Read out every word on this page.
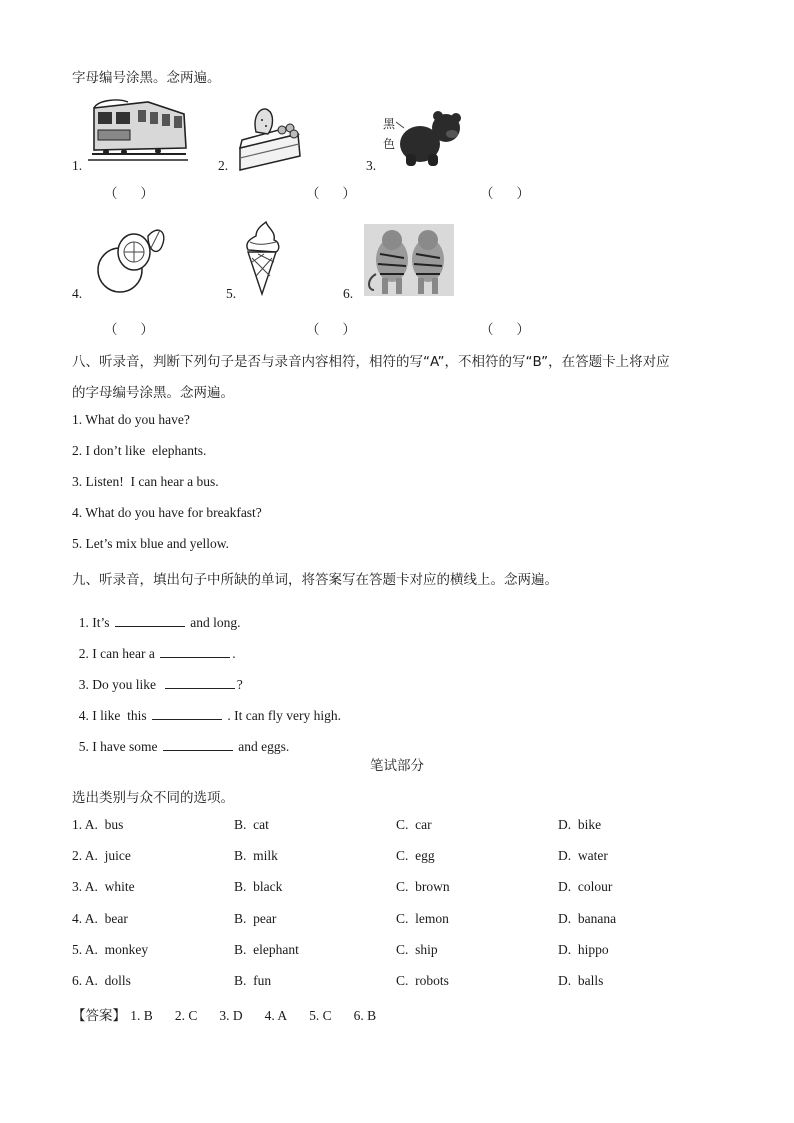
字母编号涂黑。念两遍。
1.
（　 ）
2.
（　 ）
3.
黑色
（　 ）
4.
（　 ）
5.
（　 ）
6.
（　 ）
八、听录音，判断下列句子是否与录音内容相符，相符的写“A”，不相符的写“B”，在答题卡上将对应
的字母编号涂黑。念两遍。
1. What do you have?
2. I don’t like  elephants.
3. Listen!  I can hear a bus.
4. What do you have for breakfast?
5. Let’s mix blue and yellow.
九、听录音，填出句子中所缺的单词，将答案写在答题卡对应的横线上。念两遍。

1. It’s	and long.

2. I can hear a	.

3. Do you like	?

4. I like  this	. It can fly very high.

5. I have some	and eggs.

笔试部分
选出类别与众不同的选项。
1. A.  bus	B.  cat	C.  car	D.  bike
2. A.  juice	B.  milk	C.  egg	D.  water
3. A.  white	B.  black	C.  brown	D.  colour
4. A.  bear	B.  pear	C.  lemon	D.  banana
5. A.  monkey	B.  elephant	C.  ship	D.  hippo
6. A.  dolls	B.  fun	C.  robots	D.  balls
【答案】 1. B 2. C 3. D 4. A 5. C 6. B
